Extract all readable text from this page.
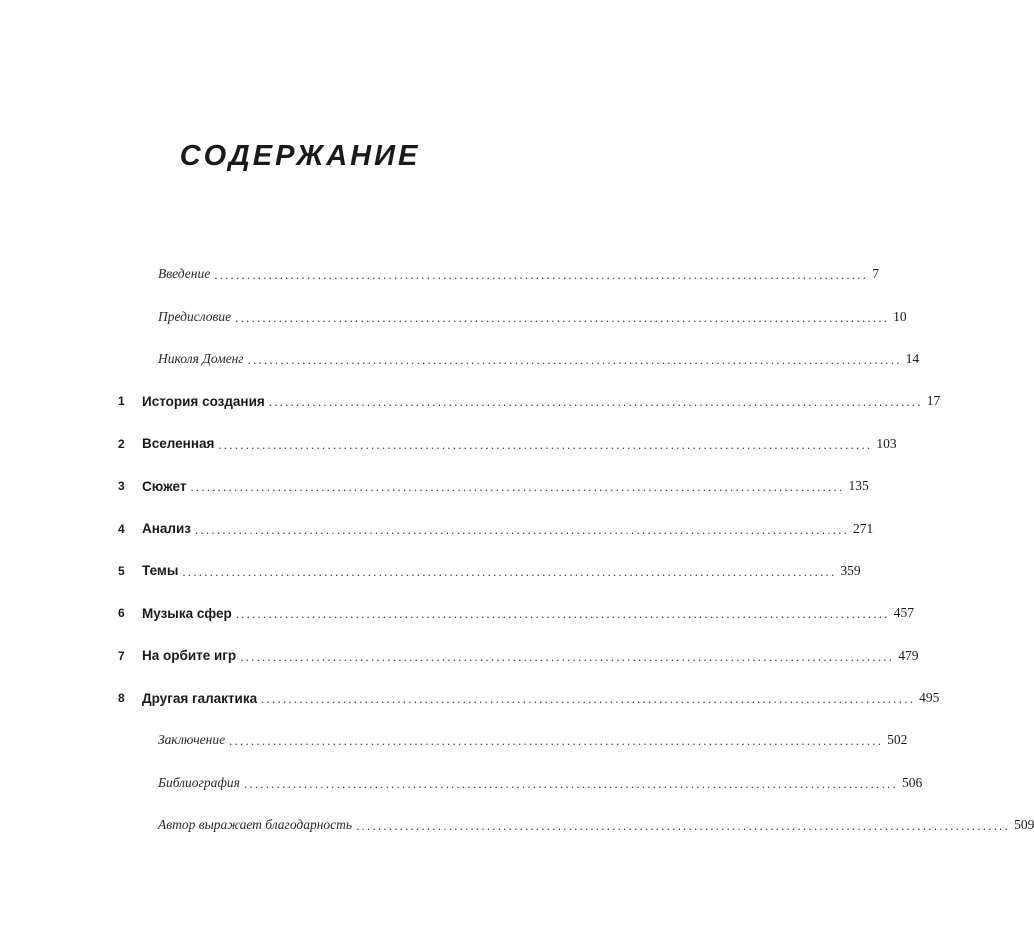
СОДЕРЖАНИЕ
Введение ........................................................................................................................ 7
Предисловие ........................................................................................................................ 10
Николя Доменг ........................................................................................................................ 14
1	История создания ........................................................................................................................ 17
2	Вселенная ........................................................................................................................ 103
3	Сюжет ........................................................................................................................ 135
4	Анализ ........................................................................................................................ 271
5	Темы ........................................................................................................................ 359
6	Музыка сфер ........................................................................................................................ 457
7	На орбите игр ........................................................................................................................ 479
8	Другая галактика ........................................................................................................................ 495
Заключение ........................................................................................................................ 502
Библиография ........................................................................................................................ 506
Автор выражает благодарность ........................................................................................................................ 509
